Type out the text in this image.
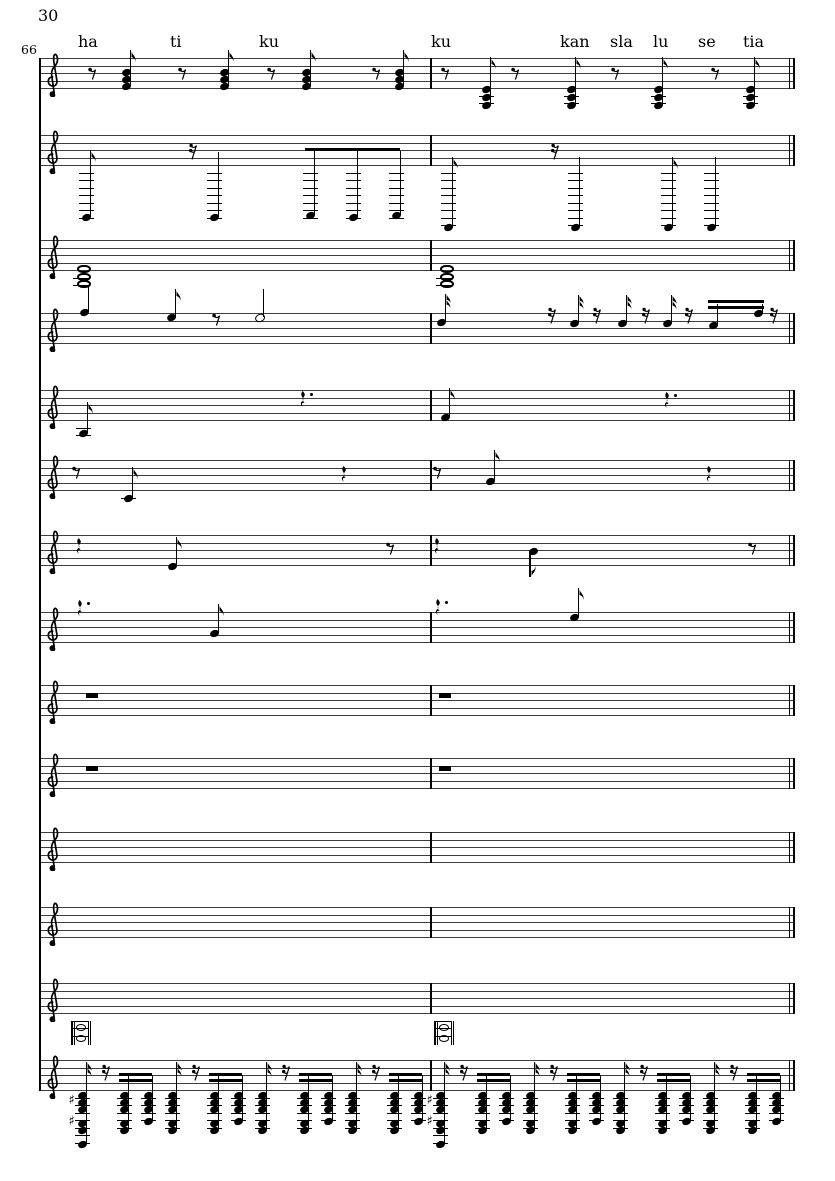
30
66
♯
♯
♯
♯
ha	ti	ku	ku	kan sla lu se tia
